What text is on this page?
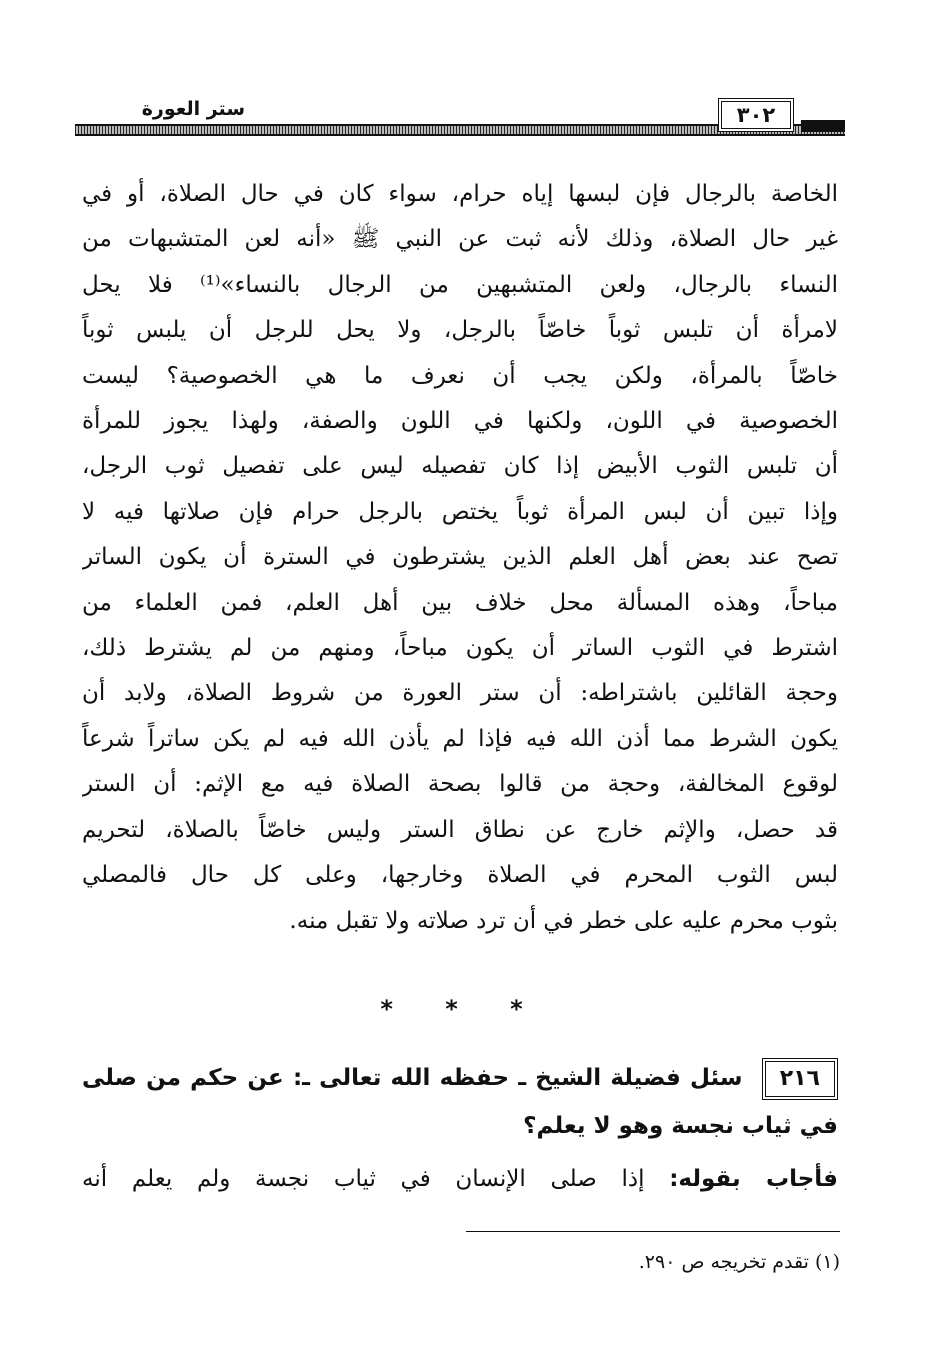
ستر العورة	٣٠٢
الخاصة بالرجال فإن لبسها إياه حرام، سواء كان في حال الصلاة، أو في
غير حال الصلاة، وذلك لأنه ثبت عن النبي ﷺ «أنه لعن المتشبهات من
النساء بالرجال، ولعن المتشبهين من الرجال بالنساء»⁽¹⁾ فلا يحل
لامرأة أن تلبس ثوباً خاصّاً بالرجل، ولا يحل للرجل أن يلبس ثوباً
خاصّاً بالمرأة، ولكن يجب أن نعرف ما هي الخصوصية؟ ليست
الخصوصية في اللون، ولكنها في اللون والصفة، ولهذا يجوز للمرأة
أن تلبس الثوب الأبيض إذا كان تفصيله ليس على تفصيل ثوب الرجل،
وإذا تبين أن لبس المرأة ثوباً يختص بالرجل حرام فإن صلاتها فيه لا
تصح عند بعض أهل العلم الذين يشترطون في السترة أن يكون الساتر
مباحاً، وهذه المسألة محل خلاف بين أهل العلم، فمن العلماء من
اشترط في الثوب الساتر أن يكون مباحاً، ومنهم من لم يشترط ذلك،
وحجة القائلين باشتراطه: أن ستر العورة من شروط الصلاة، ولابد أن
يكون الشرط مما أذن الله فيه فإذا لم يأذن الله فيه لم يكن ساتراً شرعاً
لوقوع المخالفة، وحجة من قالوا بصحة الصلاة فيه مع الإثم: أن الستر
قد حصل، والإثم خارج عن نطاق الستر وليس خاصّاً بالصلاة، لتحريم
لبس الثوب المحرم في الصلاة وخارجها، وعلى كل حال فالمصلي
بثوب محرم عليه على خطر في أن ترد صلاته ولا تقبل منه.
* * *
٢١٦ سئل فضيلة الشيخ ـ حفظه الله تعالى ـ: عن حكم من صلى في ثياب نجسة وهو لا يعلم؟
فأجاب بقوله: إذا صلى الإنسان في ثياب نجسة ولم يعلم أنه
(١) تقدم تخريجه ص ٢٩٠.
